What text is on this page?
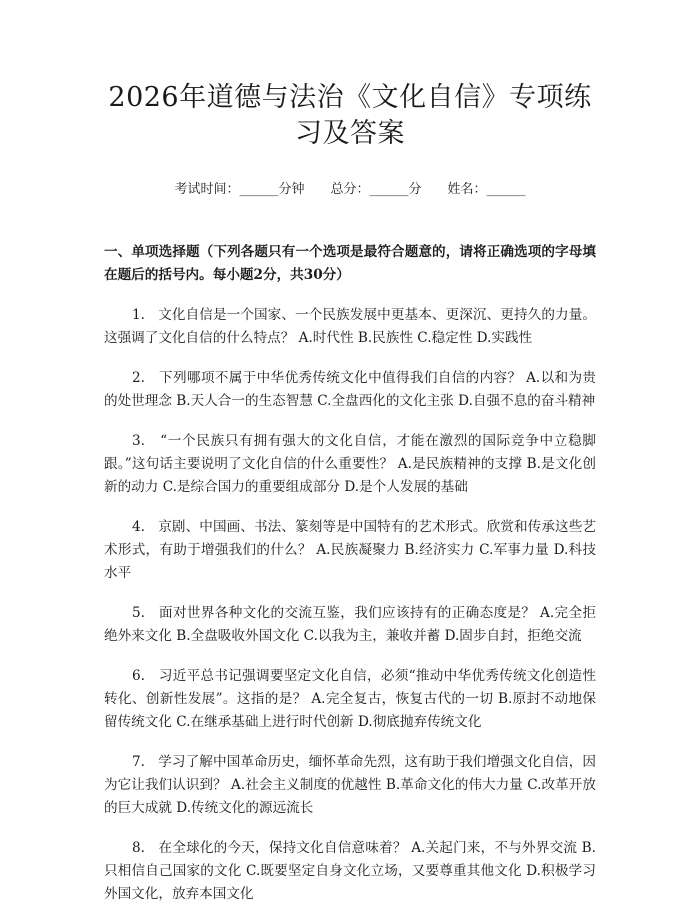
2026年道德与法治《文化自信》专项练习及答案
考试时间：______分钟 总分：______分 姓名：______
一、单项选择题（下列各题只有一个选项是最符合题意的，请将正确选项的字母填在题后的括号内。每小题2分，共30分）
1. 文化自信是一个国家、一个民族发展中更基本、更深沉、更持久的力量。这强调了文化自信的什么特点？ A.时代性 B.民族性 C.稳定性 D.实践性
2. 下列哪项不属于中华优秀传统文化中值得我们自信的内容？ A.以和为贵的处世理念 B.天人合一的生态智慧 C.全盘西化的文化主张 D.自强不息的奋斗精神
3. “一个民族只有拥有强大的文化自信，才能在激烈的国际竞争中立稳脚跟。”这句话主要说明了文化自信的什么重要性？ A.是民族精神的支撑 B.是文化创新的动力 C.是综合国力的重要组成部分 D.是个人发展的基础
4. 京剧、中国画、书法、篆刻等是中国特有的艺术形式。欣赏和传承这些艺术形式，有助于增强我们的什么？ A.民族凝聚力 B.经济实力 C.军事力量 D.科技水平
5. 面对世界各种文化的交流互鉴，我们应该持有的正确态度是？ A.完全拒绝外来文化 B.全盘吸收外国文化 C.以我为主，兼收并蓄 D.固步自封，拒绝交流
6. 习近平总书记强调要坚定文化自信，必须“推动中华优秀传统文化创造性转化、创新性发展”。这指的是？ A.完全复古，恢复古代的一切 B.原封不动地保留传统文化 C.在继承基础上进行时代创新 D.彻底抛弃传统文化
7. 学习了解中国革命历史，缅怀革命先烈，这有助于我们增强文化自信，因为它让我们认识到？ A.社会主义制度的优越性 B.革命文化的伟大力量 C.改革开放的巨大成就 D.传统文化的源远流长
8. 在全球化的今天，保持文化自信意味着？ A.关起门来，不与外界交流 B.只相信自己国家的文化 C.既要坚定自身文化立场，又要尊重其他文化 D.积极学习外国文化，放弃本国文化
